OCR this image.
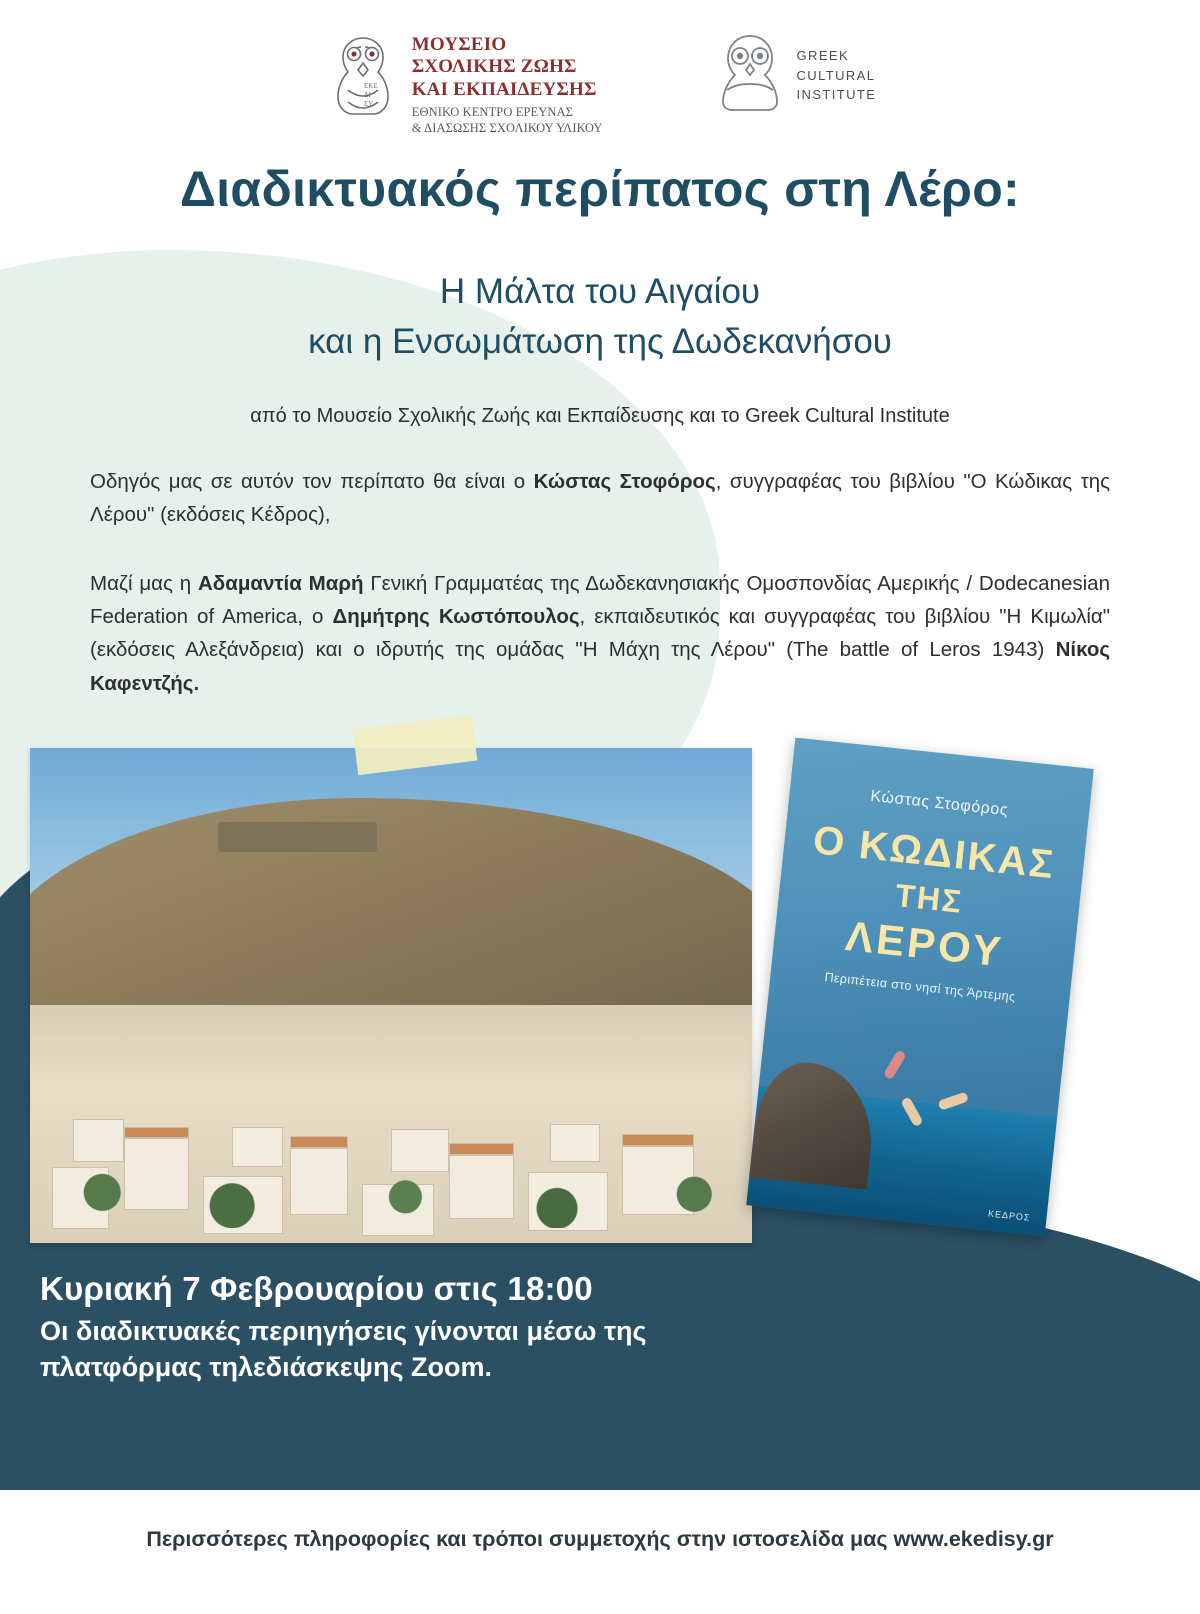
ΕΚΕ
ΔΙ
ΣΥ
ΜΟΥΣΕΙΟ
ΣΧΟΛΙΚΗΣ ΖΩΗΣ
ΚΑΙ ΕΚΠΑΙΔΕΥΣΗΣ
ΕΘΝΙΚΟ ΚΕΝΤΡΟ ΕΡΕΥΝΑΣ
& ΔΙΑΣΩΣΗΣ ΣΧΟΛΙΚΟΥ ΥΛΙΚΟΥ
GREEK
CULTURAL
INSTITUTE
Διαδικτυακός περίπατος στη Λέρο:
Η Μάλτα του Αιγαίου
και η Ενσωμάτωση της Δωδεκανήσου
από το Μουσείο Σχολικής Ζωής και Εκπαίδευσης και το Greek Cultural Institute
Οδηγός μας σε αυτόν τον περίπατο θα είναι ο Κώστας Στοφόρος, συγγραφέας του βιβλίου "Ο Κώδικας της Λέρου" (εκδόσεις Κέδρος),
Μαζί μας η Αδαμαντία Μαρή Γενική Γραμματέας της Δωδεκανησιακής Ομοσπονδίας Αμερικής / Dodecanesian Federation of America, ο Δημήτρης Κωστόπουλος, εκπαιδευτικός και συγγραφέας του βιβλίου "Η Κιμωλία" (εκδόσεις Αλεξάνδρεια) και ο ιδρυτής της ομάδας "Η Μάχη της Λέρου" (The battle of Leros 1943) Νίκος Καφεντζής.
Κώστας Στοφόρος
Ο ΚΩΔΙΚΑΣ
ΤΗΣ
ΛΕΡΟΥ
Περιπέτεια στο νησί της Άρτεμης
ΚΕΔΡΟΣ
Κυριακή 7 Φεβρουαρίου στις 18:00
Οι διαδικτυακές περιηγήσεις γίνονται μέσω της
πλατφόρμας τηλεδιάσκεψης Zoom.
Περισσότερες πληροφορίες και τρόποι συμμετοχής στην ιστοσελίδα μας www.ekedisy.gr
